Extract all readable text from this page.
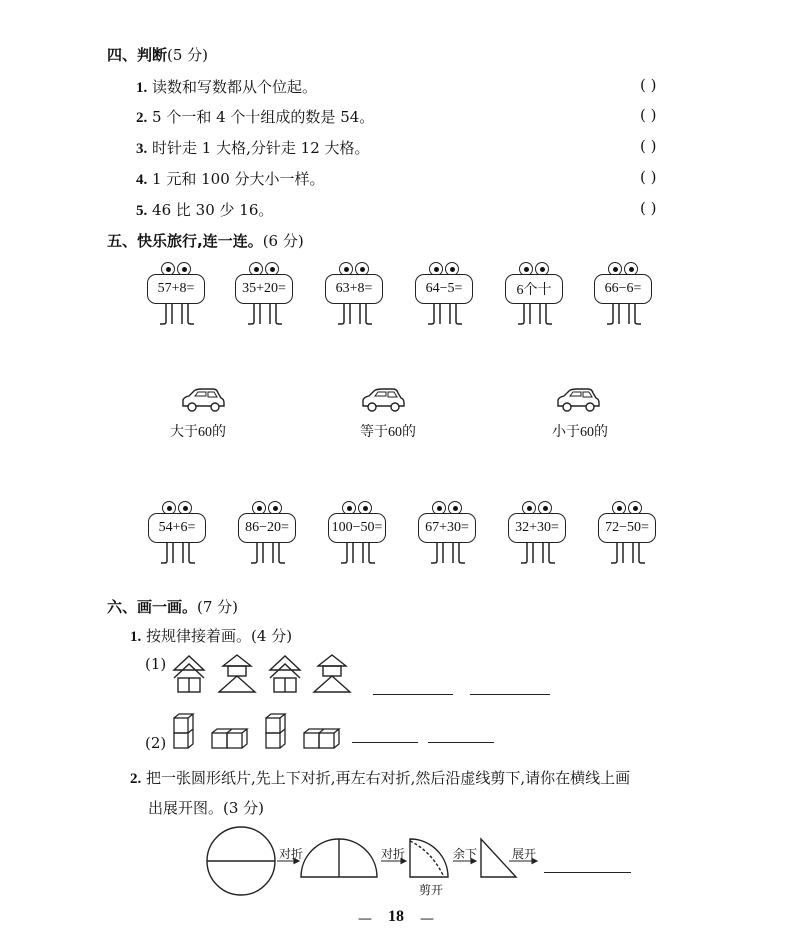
四、判断(5 分)
1. 读数和写数都从个位起。	( )
2. 5 个一和 4 个十组成的数是 54。	( )
3. 时针走 1 大格,分针走 12 大格。	( )
4. 1 元和 100 分大小一样。	( )
5. 46 比 30 少 16。	( )
五、快乐旅行,连一连。(6 分)
57+8=	35+20=	63+8=	64−5=	6个十	66−6=
大于60的	等于60的	小于60的
54+6=	86−20=	100−50=	67+30=	32+30=	72−50=
六、画一画。(7 分)
1. 按规律接着画。(4 分)
(1)
(2)
2. 把一张圆形纸片,先上下对折,再左右对折,然后沿虚线剪下,请你在横线上画
出展开图。(3 分)
对折	对折
剪开
余下	展开
— 18 —
